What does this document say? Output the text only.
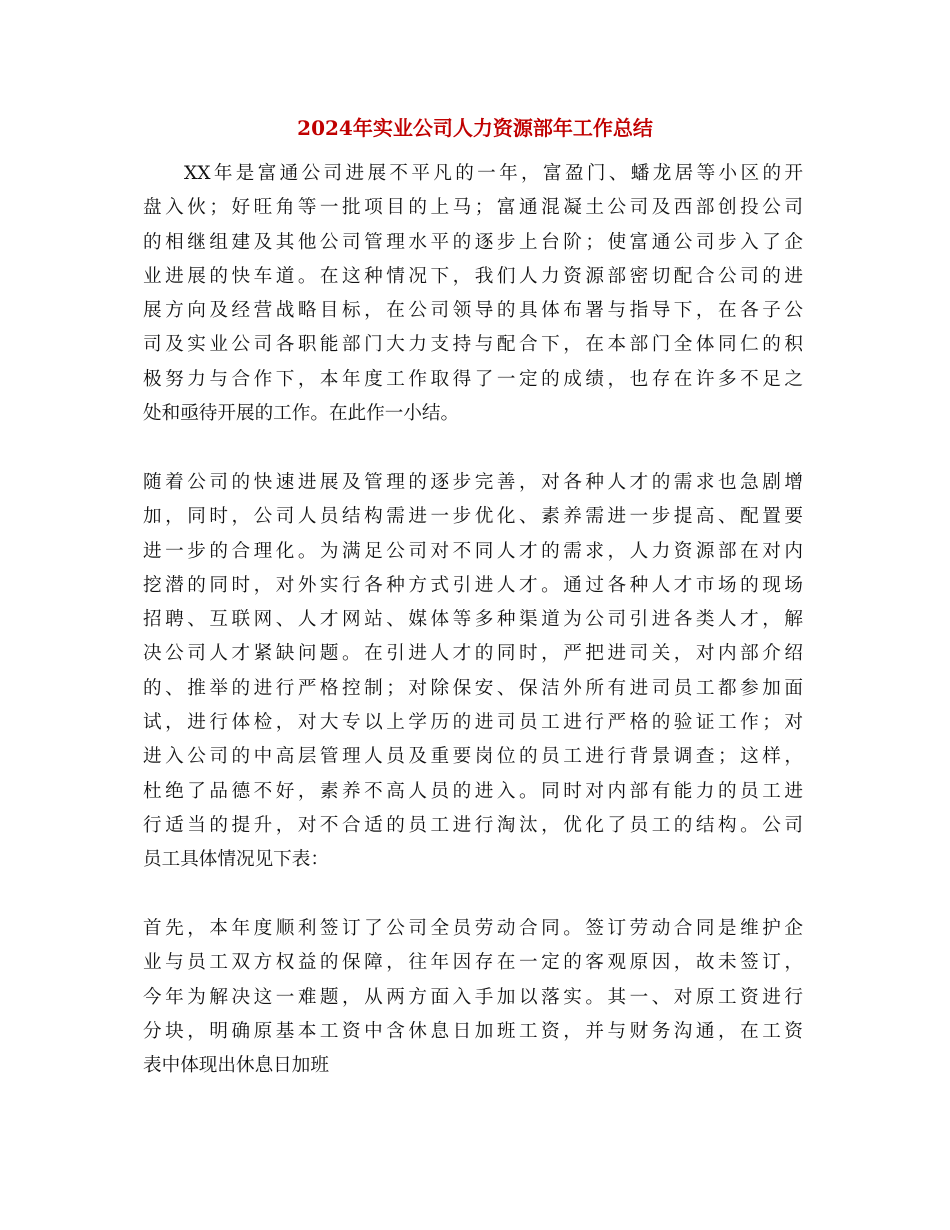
2024年实业公司人力资源部年工作总结
XX年是富通公司进展不平凡的一年，富盈门、蟠龙居等小区的开
盘入伙；好旺角等一批项目的上马；富通混凝土公司及西部创投公司
的相继组建及其他公司管理水平的逐步上台阶；使富通公司步入了企
业进展的快车道。在这种情况下，我们人力资源部密切配合公司的进
展方向及经营战略目标，在公司领导的具体布署与指导下，在各子公
司及实业公司各职能部门大力支持与配合下，在本部门全体同仁的积
极努力与合作下，本年度工作取得了一定的成绩，也存在许多不足之
处和亟待开展的工作。在此作一小结。
随着公司的快速进展及管理的逐步完善，对各种人才的需求也急剧增
加，同时，公司人员结构需进一步优化、素养需进一步提高、配置要
进一步的合理化。为满足公司对不同人才的需求，人力资源部在对内
挖潜的同时，对外实行各种方式引进人才。通过各种人才市场的现场
招聘、互联网、人才网站、媒体等多种渠道为公司引进各类人才，解
决公司人才紧缺问题。在引进人才的同时，严把进司关，对内部介绍
的、推举的进行严格控制；对除保安、保洁外所有进司员工都参加面
试，进行体检，对大专以上学历的进司员工进行严格的验证工作；对
进入公司的中高层管理人员及重要岗位的员工进行背景调查；这样，
杜绝了品德不好，素养不高人员的进入。同时对内部有能力的员工进
行适当的提升，对不合适的员工进行淘汰，优化了员工的结构。公司
员工具体情况见下表：
首先，本年度顺利签订了公司全员劳动合同。签订劳动合同是维护企
业与员工双方权益的保障，往年因存在一定的客观原因，故未签订，
今年为解决这一难题，从两方面入手加以落实。其一、对原工资进行
分块，明确原基本工资中含休息日加班工资，并与财务沟通，在工资
表中体现出休息日加班
